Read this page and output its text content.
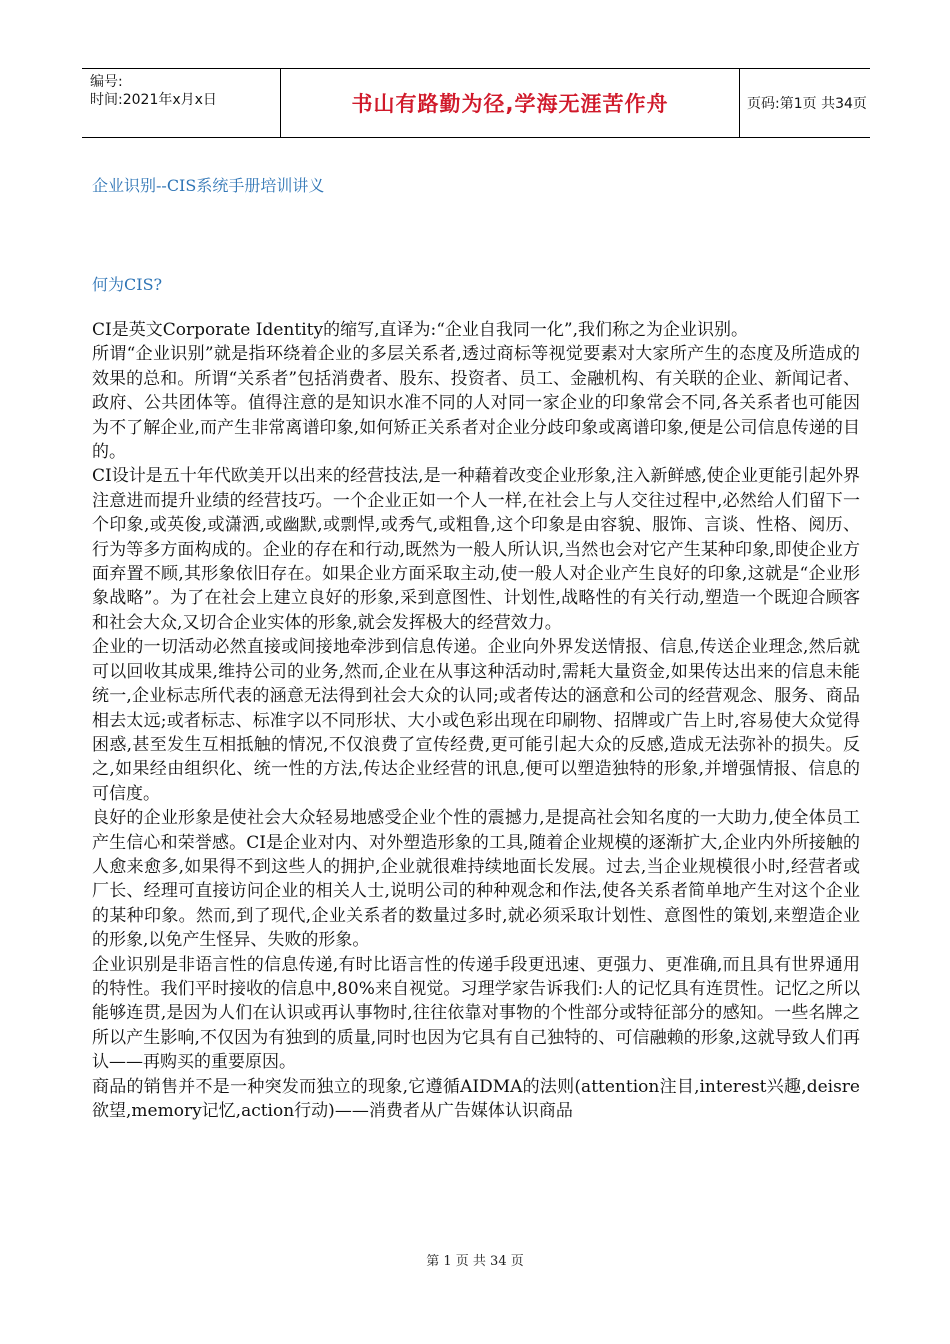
编号:
时间:2021年x月x日	书山有路勤为径,学海无涯苦作舟	页码:第1页 共34页
企业识别--CIS系统手册培训讲义
何为CIS?

CI是英文Corporate Identity的缩写,直译为:“企业自我同一化”,我们称之为企业识别。

所谓“企业识别”就是指环绕着企业的多层关系者,透过商标等视觉要素对大家所产生的态度及所造成的效果的总和。所谓“关系者”包括消费者、股东、投资者、员工、金融机构、有关联的企业、新闻记者、政府、公共团体等。值得注意的是知识水准不同的人对同一家企业的印象常会不同,各关系者也可能因为不了解企业,而产生非常离谱印象,如何矫正关系者对企业分歧印象或离谱印象,便是公司信息传递的目的。

CI设计是五十年代欧美开以出来的经营技法,是一种藉着改变企业形象,注入新鲜感,使企业更能引起外界注意进而提升业绩的经营技巧。一个企业正如一个人一样,在社会上与人交往过程中,必然给人们留下一个印象,或英俊,或潇洒,或幽默,或剽悍,或秀气,或粗鲁,这个印象是由容貌、服饰、言谈、性格、阅历、行为等多方面构成的。企业的存在和行动,既然为一般人所认识,当然也会对它产生某种印象,即使企业方面弃置不顾,其形象依旧存在。如果企业方面采取主动,使一般人对企业产生良好的印象,这就是“企业形象战略”。为了在社会上建立良好的形象,采到意图性、计划性,战略性的有关行动,塑造一个既迎合顾客和社会大众,又切合企业实体的形象,就会发挥极大的经营效力。

企业的一切活动必然直接或间接地牵涉到信息传递。企业向外界发送情报、信息,传送企业理念,然后就可以回收其成果,维持公司的业务,然而,企业在从事这种活动时,需耗大量资金,如果传达出来的信息未能统一,企业标志所代表的涵意无法得到社会大众的认同;或者传达的涵意和公司的经营观念、服务、商品相去太远;或者标志、标准字以不同形状、大小或色彩出现在印刷物、招牌或广告上时,容易使大众觉得困惑,甚至发生互相抵触的情况,不仅浪费了宣传经费,更可能引起大众的反感,造成无法弥补的损失。反之,如果经由组织化、统一性的方法,传达企业经营的讯息,便可以塑造独特的形象,并增强情报、信息的可信度。

良好的企业形象是使社会大众轻易地感受企业个性的震撼力,是提高社会知名度的一大助力,使全体员工产生信心和荣誉感。CI是企业对内、对外塑造形象的工具,随着企业规模的逐渐扩大,企业内外所接触的人愈来愈多,如果得不到这些人的拥护,企业就很难持续地面长发展。过去,当企业规模很小时,经营者或厂长、经理可直接访问企业的相关人士,说明公司的种种观念和作法,使各关系者简单地产生对这个企业的某种印象。然而,到了现代,企业关系者的数量过多时,就必须采取计划性、意图性的策划,来塑造企业的形象,以免产生怪异、失败的形象。

企业识别是非语言性的信息传递,有时比语言性的传递手段更迅速、更强力、更准确,而且具有世界通用的特性。我们平时接收的信息中,80%来自视觉。习理学家告诉我们:人的记忆具有连贯性。记忆之所以能够连贯,是因为人们在认识或再认事物时,往往依靠对事物的个性部分或特征部分的感知。一些名牌之所以产生影响,不仅因为有独到的质量,同时也因为它具有自己独特的、可信融赖的形象,这就导致人们再认——再购买的重要原因。

商品的销售并不是一种突发而独立的现象,它遵循AIDMA的法则(attention注目,interest兴趣,deisre欲望,memory记忆,action行动)——消费者从广告媒体认识商品

第 1 页 共 34 页
